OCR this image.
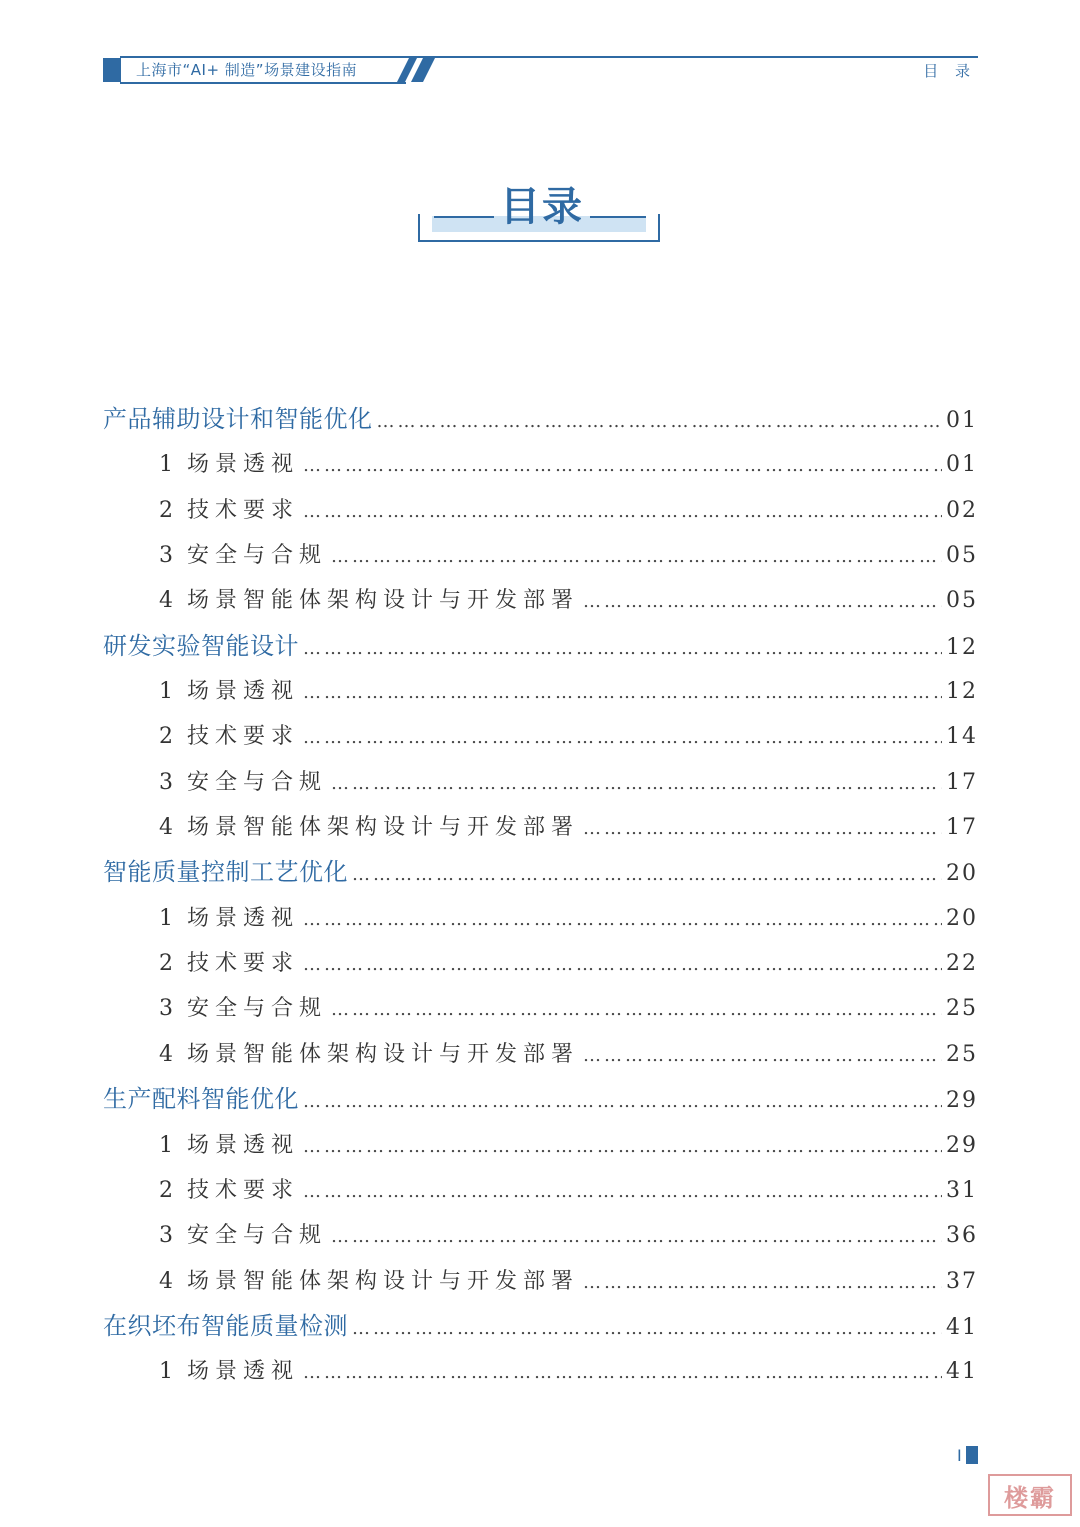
上海市“AI+ 制造”场景建设指南	目 录
目录
产品辅助设计和智能优化 ……………………………………………………………………………………………………………………………………………………………………	01
1 场景透视 ……………………………………………………………………………………………………………………………………………………………………	01
2 技术要求 ……………………………………………………………………………………………………………………………………………………………………	02
3 安全与合规 ……………………………………………………………………………………………………………………………………………………………………	05
4 场景智能体架构设计与开发部署 ……………………………………………………………………………………………………………………………………………………………………	05
研发实验智能设计 ……………………………………………………………………………………………………………………………………………………………………	12
1 场景透视 ……………………………………………………………………………………………………………………………………………………………………	12
2 技术要求 ……………………………………………………………………………………………………………………………………………………………………	14
3 安全与合规 ……………………………………………………………………………………………………………………………………………………………………	17
4 场景智能体架构设计与开发部署 ……………………………………………………………………………………………………………………………………………………………………	17
智能质量控制工艺优化 ……………………………………………………………………………………………………………………………………………………………………	20
1 场景透视 ……………………………………………………………………………………………………………………………………………………………………	20
2 技术要求 ……………………………………………………………………………………………………………………………………………………………………	22
3 安全与合规 ……………………………………………………………………………………………………………………………………………………………………	25
4 场景智能体架构设计与开发部署 ……………………………………………………………………………………………………………………………………………………………………	25
生产配料智能优化 ……………………………………………………………………………………………………………………………………………………………………	29
1 场景透视 ……………………………………………………………………………………………………………………………………………………………………	29
2 技术要求 ……………………………………………………………………………………………………………………………………………………………………	31
3 安全与合规 ……………………………………………………………………………………………………………………………………………………………………	36
4 场景智能体架构设计与开发部署 ……………………………………………………………………………………………………………………………………………………………………	37
在织坯布智能质量检测 ……………………………………………………………………………………………………………………………………………………………………	41
1 场景透视 ……………………………………………………………………………………………………………………………………………………………………	41
I
楼霸
